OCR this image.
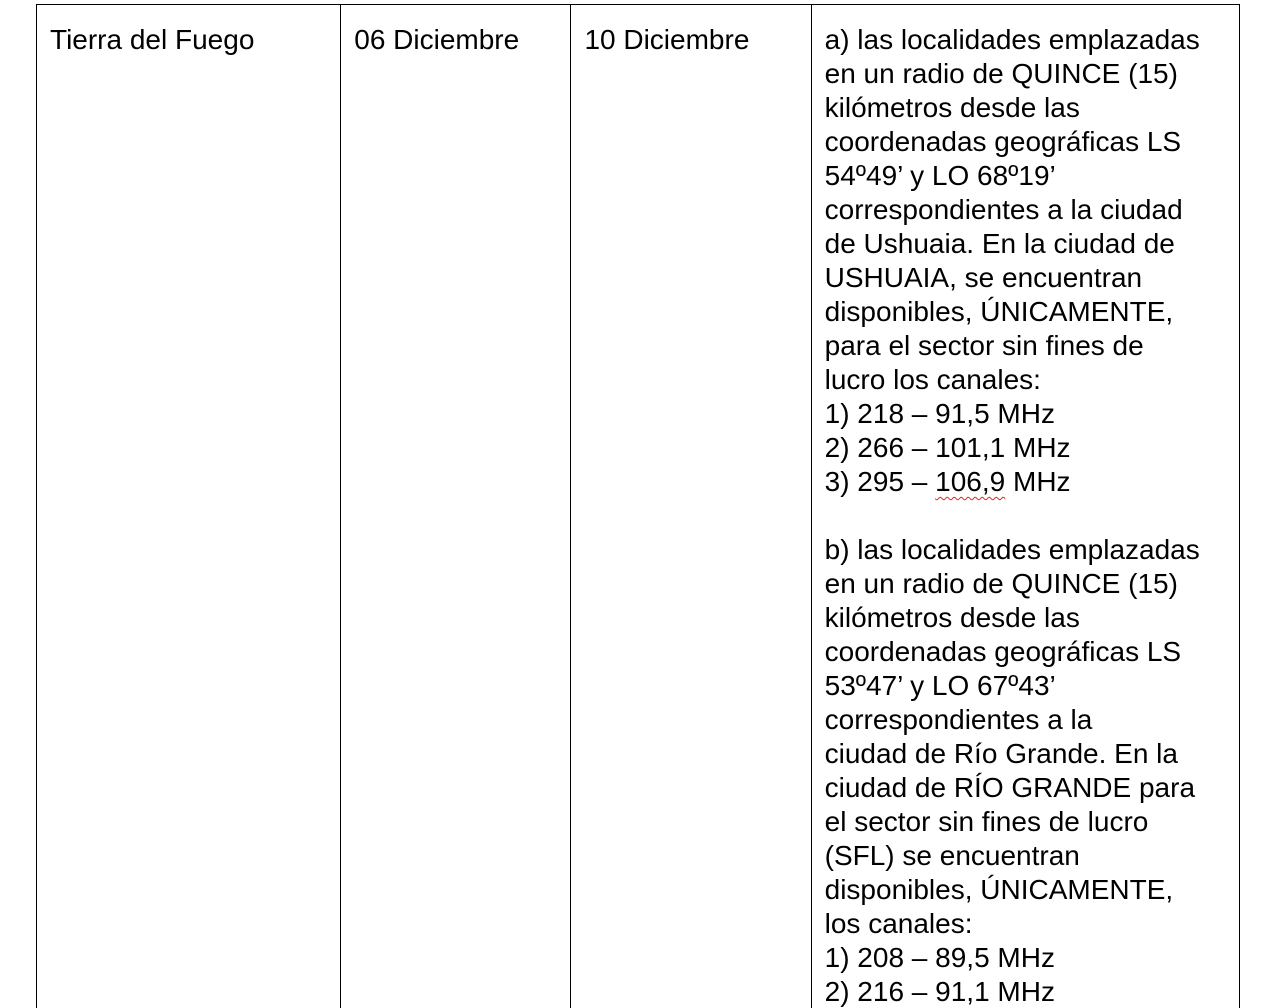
Tierra del Fuego	06 Diciembre	10 Diciembre	a) las localidades emplazadas
en un radio de QUINCE (15)
kilómetros desde las
coordenadas geográficas LS
54º49’ y LO 68º19’
correspondientes a la ciudad
de Ushuaia. En la ciudad de
USHUAIA, se encuentran
disponibles, ÚNICAMENTE,
para el sector sin fines de
lucro los canales:
1) 218 – 91,5 MHz
2) 266 – 101,1 MHz
3) 295 – 106,9 MHz
b) las localidades emplazadas
en un radio de QUINCE (15)
kilómetros desde las
coordenadas geográficas LS
53º47’ y LO 67º43’
correspondientes a la
ciudad de Río Grande. En la
ciudad de RÍO GRANDE para
el sector sin fines de lucro
(SFL) se encuentran
disponibles, ÚNICAMENTE,
los canales:
1) 208 – 89,5 MHz
2) 216 – 91,1 MHz
